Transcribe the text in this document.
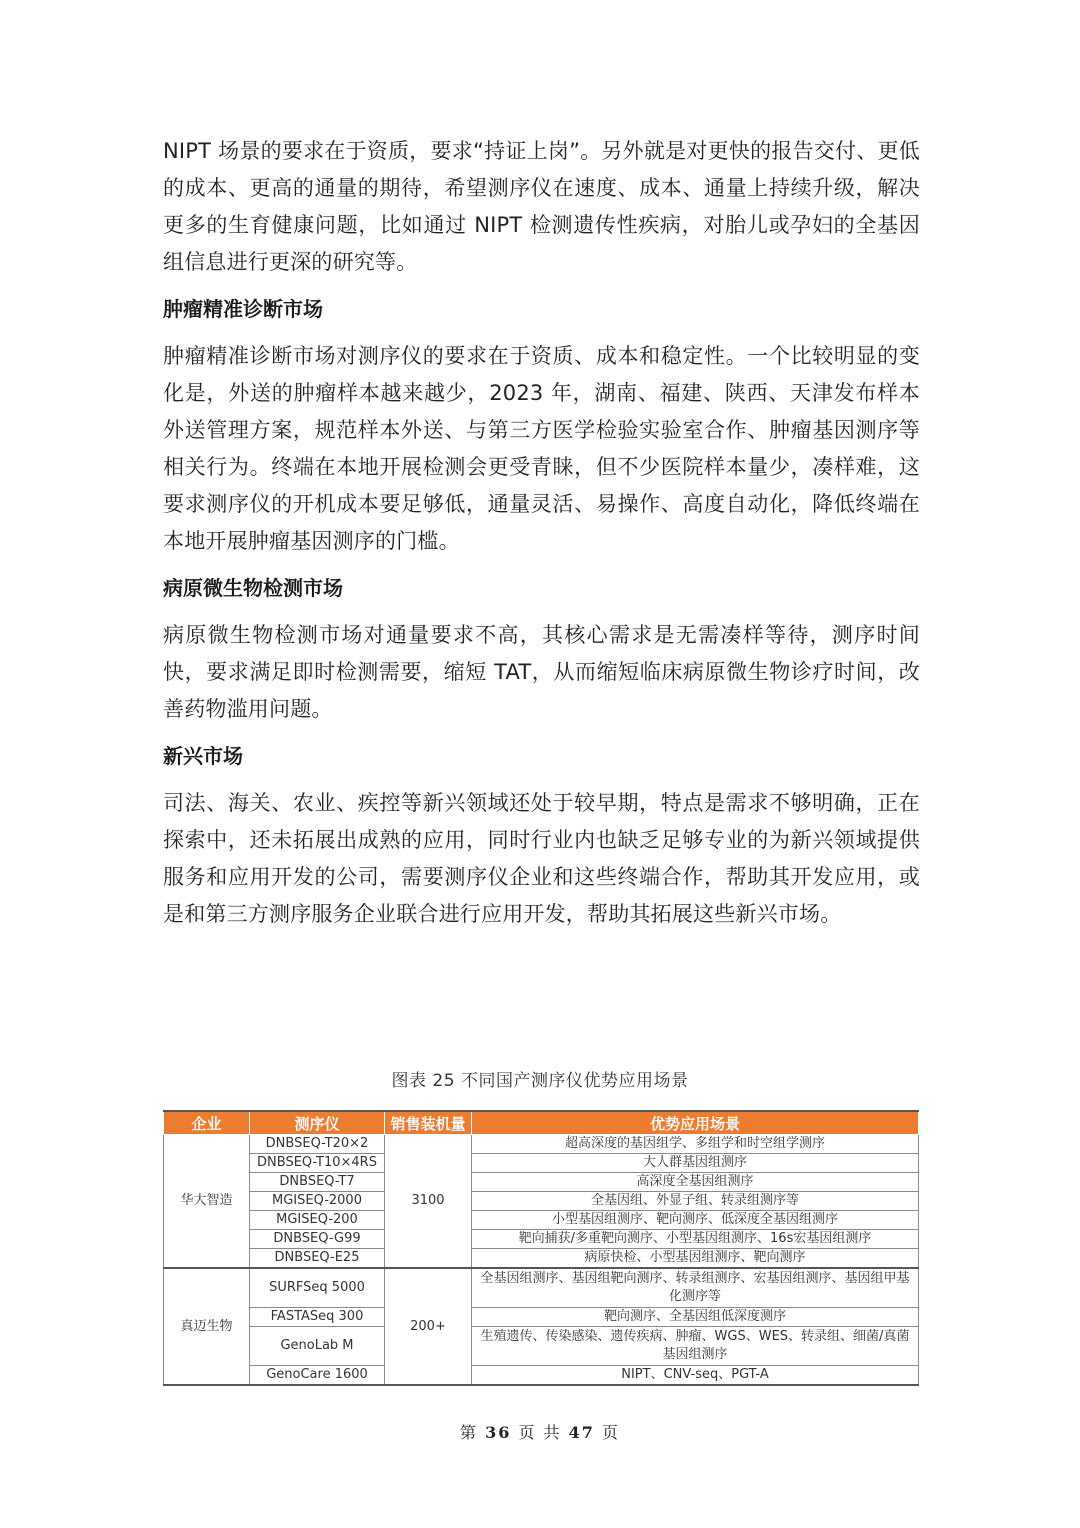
NIPT 场景的要求在于资质，要求“持证上岗”。另外就是对更快的报告交付、更低的成本、更高的通量的期待，希望测序仪在速度、成本、通量上持续升级，解决更多的生育健康问题，比如通过 NIPT 检测遗传性疾病，对胎儿或孕妇的全基因组信息进行更深的研究等。

肿瘤精准诊断市场

肿瘤精准诊断市场对测序仪的要求在于资质、成本和稳定性。一个比较明显的变化是，外送的肿瘤样本越来越少，2023 年，湖南、福建、陕西、天津发布样本外送管理方案，规范样本外送、与第三方医学检验实验室合作、肿瘤基因测序等相关行为。终端在本地开展检测会更受青睐，但不少医院样本量少，凑样难，这要求测序仪的开机成本要足够低，通量灵活、易操作、高度自动化，降低终端在本地开展肿瘤基因测序的门槛。

病原微生物检测市场

病原微生物检测市场对通量要求不高，其核心需求是无需凑样等待，测序时间快，要求满足即时检测需要，缩短 TAT，从而缩短临床病原微生物诊疗时间，改善药物滥用问题。

新兴市场

司法、海关、农业、疾控等新兴领域还处于较早期，特点是需求不够明确，正在探索中，还未拓展出成熟的应用，同时行业内也缺乏足够专业的为新兴领域提供服务和应用开发的公司，需要测序仪企业和这些终端合作，帮助其开发应用，或是和第三方测序服务企业联合进行应用开发，帮助其拓展这些新兴市场。

图表 25 不同国产测序仪优势应用场景
企业	测序仪	销售装机量	优势应用场景
华大智造	DNBSEQ-T20×2	3100	超高深度的基因组学、多组学和时空组学测序
	DNBSEQ-T10×4RS		大人群基因组测序
	DNBSEQ-T7		高深度全基因组测序
	MGISEQ-2000		全基因组、外显子组、转录组测序等
	MGISEQ-200		小型基因组测序、靶向测序、低深度全基因组测序
	DNBSEQ-G99		靶向捕获/多重靶向测序、小型基因组测序、16s宏基因组测序
	DNBSEQ-E25		病原快检、小型基因组测序、靶向测序
真迈生物	SURFSeq 5000	200+	全基因组测序、基因组靶向测序、转录组测序、宏基因组测序、基因组甲基化测序等
	FASTASeq 300		靶向测序、全基因组低深度测序
	GenoLab M		生殖遗传、传染感染、遗传疾病、肿瘤、WGS、WES、转录组、细菌/真菌基因组测序
	GenoCare 1600		NIPT、CNV-seq、PGT-A
第 36 页 共 47 页
